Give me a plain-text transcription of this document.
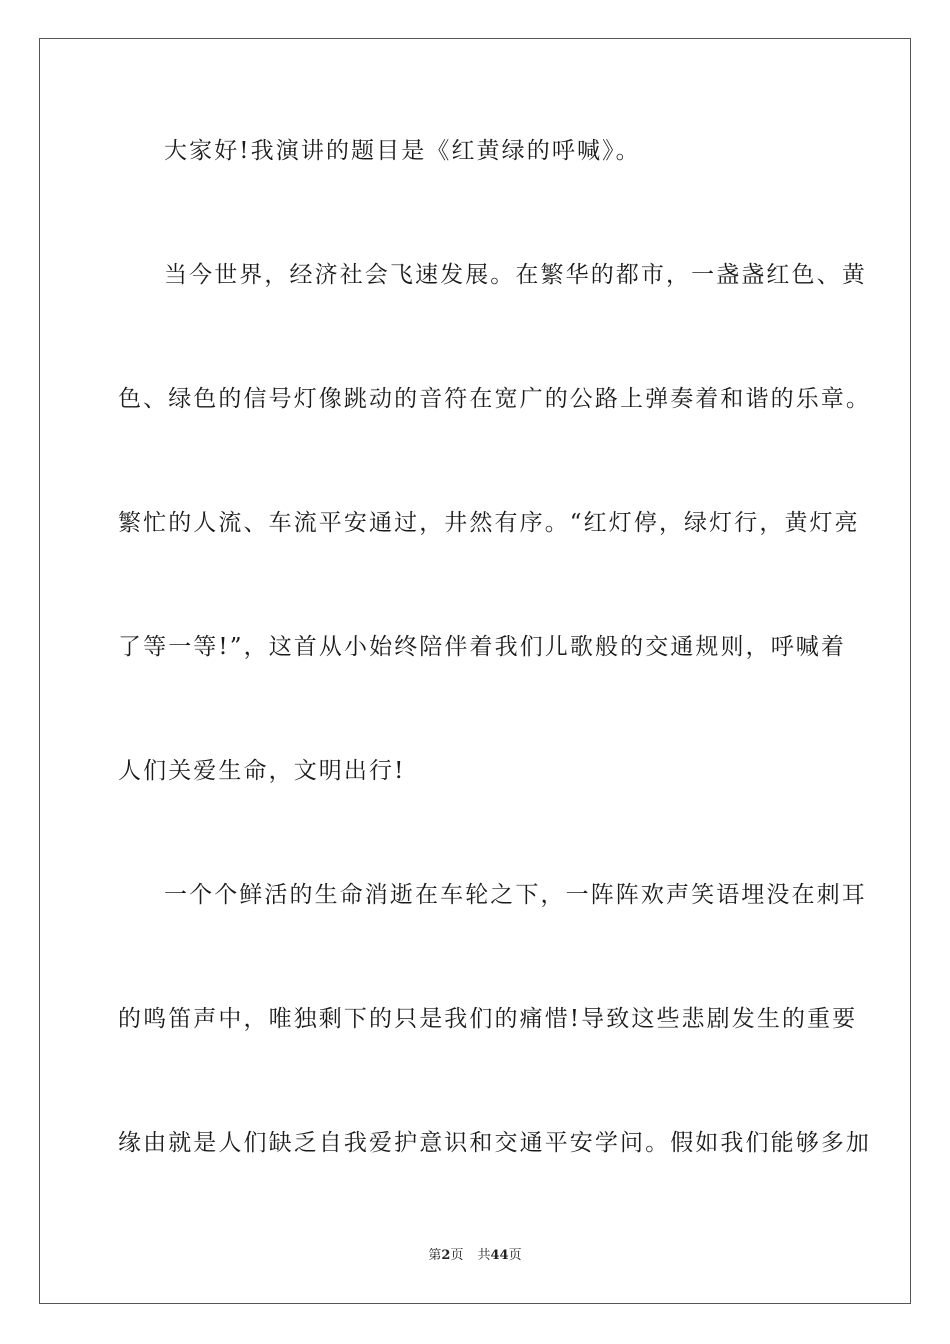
大家好!我演讲的题目是《红黄绿的呼喊》。
当今世界，经济社会飞速发展。在繁华的都市，一盏盏红色、黄
色、绿色的信号灯像跳动的音符在宽广的公路上弹奏着和谐的乐章。
繁忙的人流、车流平安通过，井然有序。“红灯停，绿灯行，黄灯亮
了等一等!”，这首从小始终陪伴着我们儿歌般的交通规则，呼喊着
人们关爱生命，文明出行!
一个个鲜活的生命消逝在车轮之下，一阵阵欢声笑语埋没在刺耳
的鸣笛声中，唯独剩下的只是我们的痛惜!导致这些悲剧发生的重要
缘由就是人们缺乏自我爱护意识和交通平安学问。假如我们能够多加
第2页 共44页
